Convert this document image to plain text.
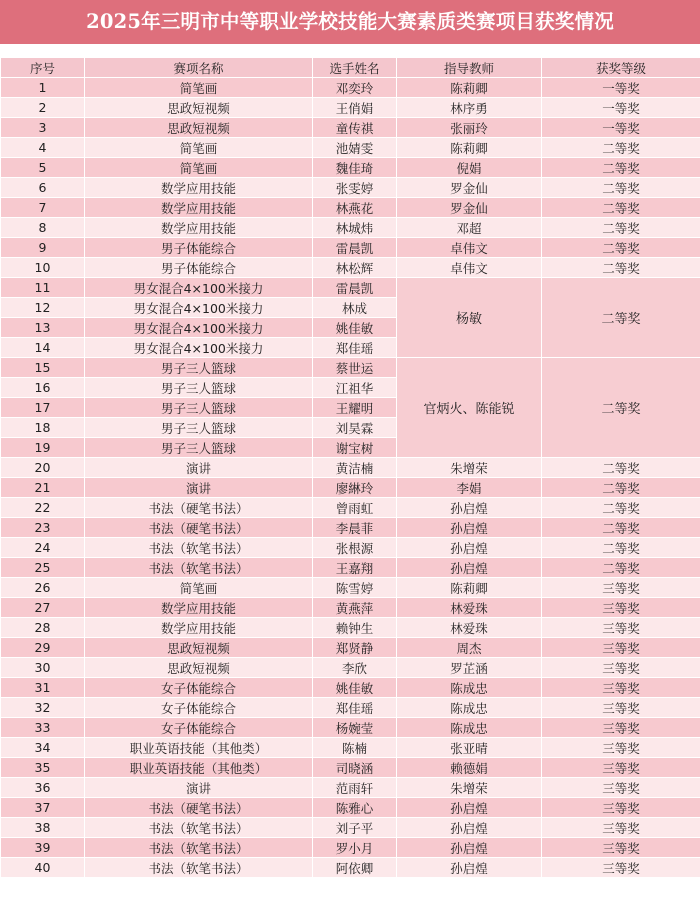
2025年三明市中等职业学校技能大赛素质类赛项目获奖情况
序号	赛项名称	选手姓名	指导教师	获奖等级
1	简笔画	邓奕玲	陈莉卿	一等奖
2	思政短视频	王俏娟	林序勇	一等奖
3	思政短视频	童传祺	张丽玲	一等奖
4	简笔画	池婧雯	陈莉卿	二等奖
5	简笔画	魏佳琦	倪娟	二等奖
6	数学应用技能	张雯婷	罗金仙	二等奖
7	数学应用技能	林燕花	罗金仙	二等奖
8	数学应用技能	林城炜	邓超	二等奖
9	男子体能综合	雷晨凯	卓伟文	二等奖
10	男子体能综合	林松辉	卓伟文	二等奖
11	男女混合4×100米接力	雷晨凯	杨敏	二等奖
12	男女混合4×100米接力	林成		
13	男女混合4×100米接力	姚佳敏		
14	男女混合4×100米接力	郑佳瑶		
15	男子三人篮球	蔡世运	官炳火、陈能锐	二等奖
16	男子三人篮球	江祖华		
17	男子三人篮球	王耀明		
18	男子三人篮球	刘昊霖		
19	男子三人篮球	谢宝树		
20	演讲	黄洁楠	朱增荣	二等奖
21	演讲	廖綝玲	李娟	二等奖
22	书法（硬笔书法）	曾雨虹	孙启煌	二等奖
23	书法（硬笔书法）	李晨菲	孙启煌	二等奖
24	书法（软笔书法）	张根源	孙启煌	二等奖
25	书法（软笔书法）	王嘉翔	孙启煌	二等奖
26	简笔画	陈雪婷	陈莉卿	三等奖
27	数学应用技能	黄燕萍	林爱珠	三等奖
28	数学应用技能	赖钟生	林爱珠	三等奖
29	思政短视频	郑贤静	周杰	三等奖
30	思政短视频	李欣	罗芷涵	三等奖
31	女子体能综合	姚佳敏	陈成忠	三等奖
32	女子体能综合	郑佳瑶	陈成忠	三等奖
33	女子体能综合	杨婉莹	陈成忠	三等奖
34	职业英语技能（其他类）	陈楠	张亚晴	三等奖
35	职业英语技能（其他类）	司晓涵	赖德娟	三等奖
36	演讲	范雨轩	朱增荣	三等奖
37	书法（硬笔书法）	陈雅心	孙启煌	三等奖
38	书法（软笔书法）	刘子平	孙启煌	三等奖
39	书法（软笔书法）	罗小月	孙启煌	三等奖
40	书法（软笔书法）	阿依卿	孙启煌	三等奖
